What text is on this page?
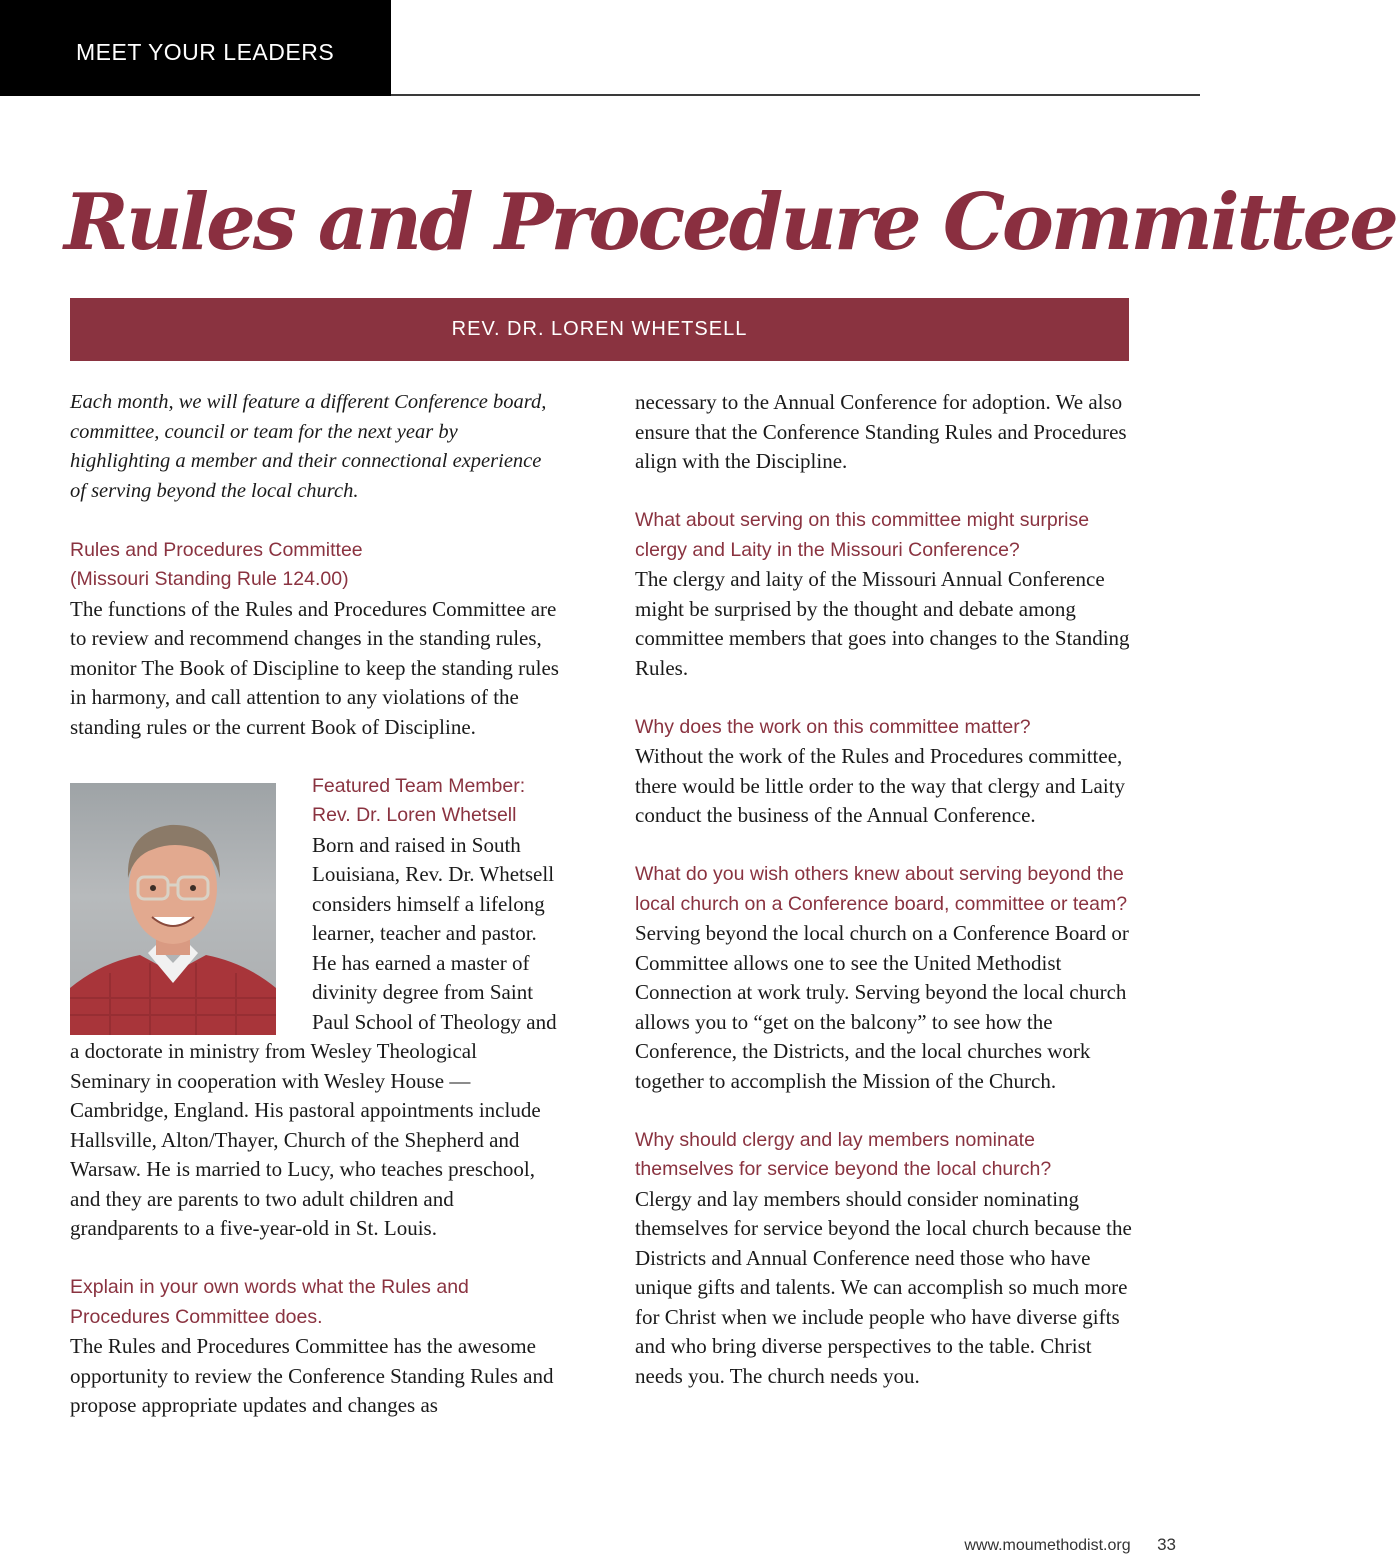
MEET YOUR LEADERS
Rules and Procedure Committee
REV. DR. LOREN WHETSELL

Each month, we will feature a different Conference board, committee, council or team for the next year by highlighting a member and their connectional experience of serving beyond the local church.

Rules and Procedures Committee
(Missouri Standing Rule 124.00)

The functions of the Rules and Procedures Committee are to review and recommend changes in the standing rules, monitor The Book of Discipline to keep the standing rules in harmony, and call attention to any violations of the standing rules or the current Book of Discipline.

Featured Team Member:
Rev. Dr. Loren Whetsell

Born and raised in South Louisiana, Rev. Dr. Whetsell considers himself a lifelong learner, teacher and pastor. He has earned a master of divinity degree from Saint Paul School of Theology and a doctorate in ministry from Wesley Theological Seminary in cooperation with Wesley House — Cambridge, England. His pastoral appointments include Hallsville, Alton/Thayer, Church of the Shepherd and Warsaw. He is married to Lucy, who teaches preschool, and they are parents to two adult children and grandparents to a five-year-old in St. Louis.

Explain in your own words what the Rules and Procedures Committee does.

The Rules and Procedures Committee has the awesome opportunity to review the Conference Standing Rules and propose appropriate updates and changes as

necessary to the Annual Conference for adoption. We also ensure that the Conference Standing Rules and Procedures align with the Discipline.

What about serving on this committee might surprise clergy and Laity in the Missouri Conference?

The clergy and laity of the Missouri Annual Conference might be surprised by the thought and debate among committee members that goes into changes to the Standing Rules.

Why does the work on this committee matter?

Without the work of the Rules and Procedures committee, there would be little order to the way that clergy and Laity conduct the business of the Annual Conference.

What do you wish others knew about serving beyond the local church on a Conference board, committee or team?

Serving beyond the local church on a Conference Board or Committee allows one to see the United Methodist Connection at work truly. Serving beyond the local church allows you to “get on the balcony” to see how the Conference, the Districts, and the local churches work together to accomplish the Mission of the Church.

Why should clergy and lay members nominate themselves for service beyond the local church?

Clergy and lay members should consider nominating themselves for service beyond the local church because the Districts and Annual Conference need those who have unique gifts and talents. We can accomplish so much more for Christ when we include people who have diverse gifts and who bring diverse perspectives to the table. Christ needs you. The church needs you.

www.moumethodist.org 33
